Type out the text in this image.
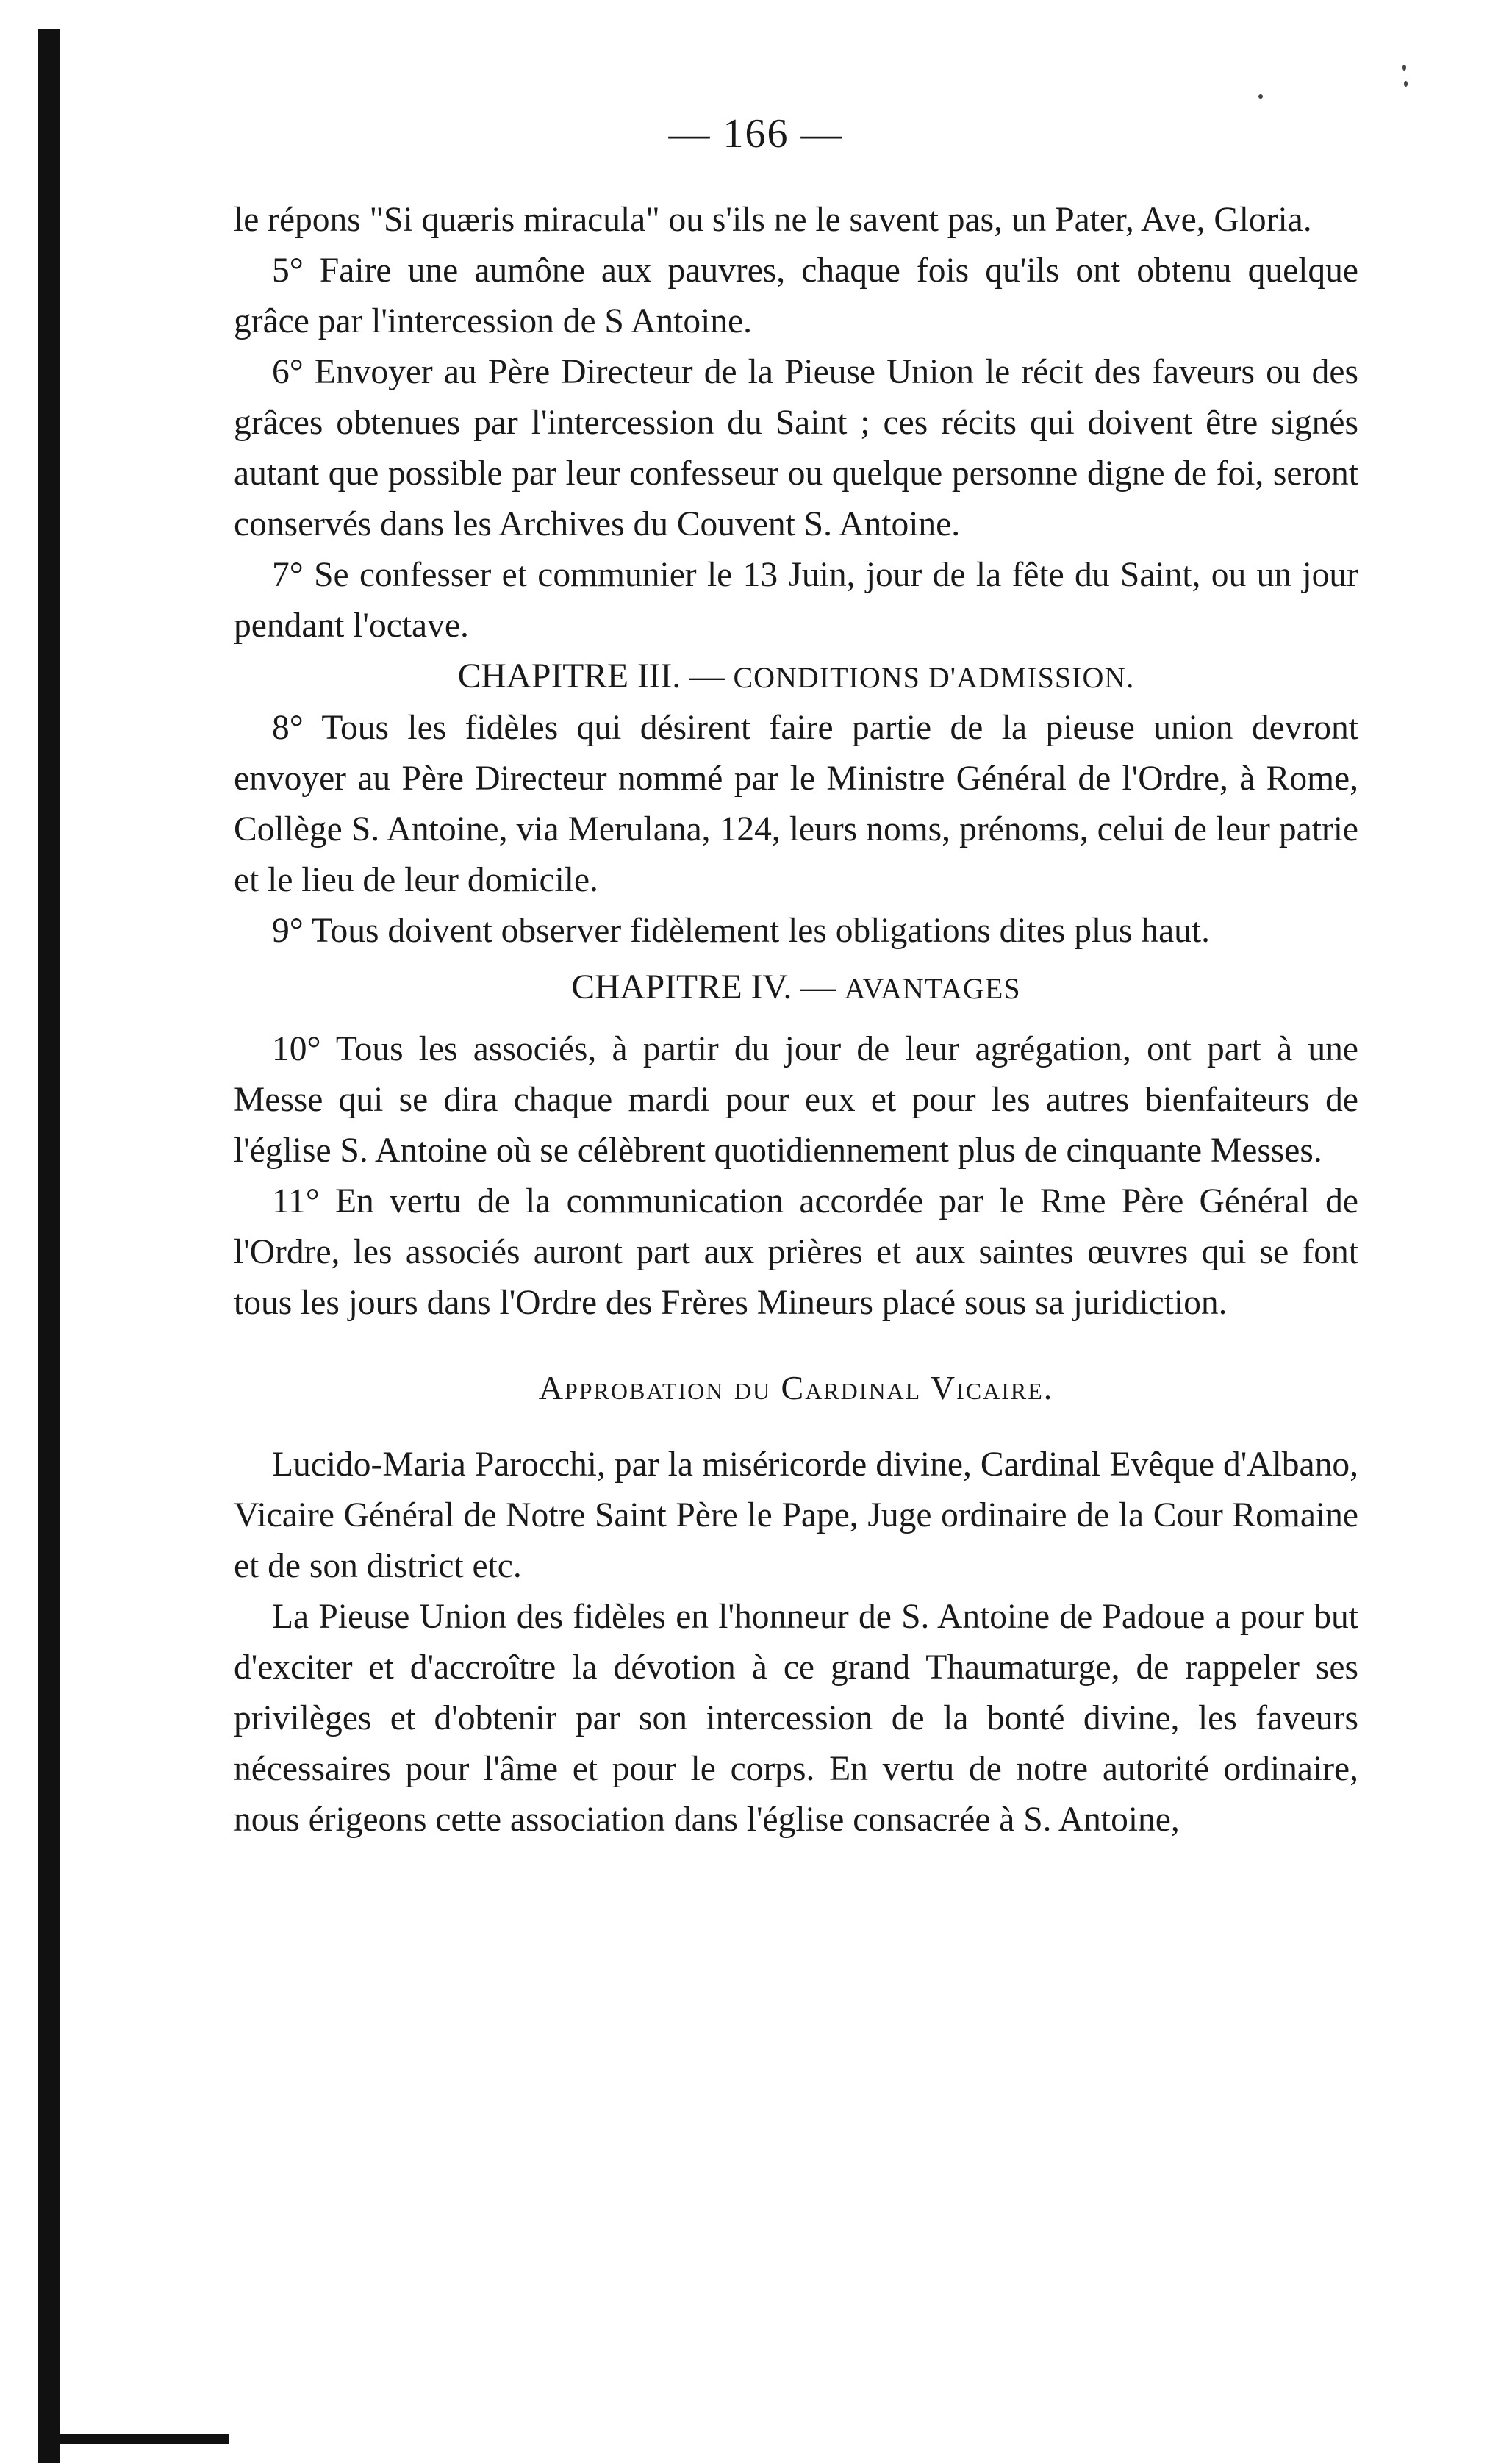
— 166 —

le répons "Si quæris miracula" ou s'ils ne le savent pas, un Pater, Ave, Gloria.

5° Faire une aumône aux pauvres, chaque fois qu'ils ont obtenu quelque grâce par l'intercession de S Antoine.

6° Envoyer au Père Directeur de la Pieuse Union le récit des faveurs ou des grâces obtenues par l'intercession du Saint ; ces récits qui doivent être signés autant que possible par leur confesseur ou quelque personne digne de foi, seront conservés dans les Archives du Couvent S. Antoine.

7° Se confesser et communier le 13 Juin, jour de la fête du Saint, ou un jour pendant l'octave.

CHAPITRE III. — CONDITIONS D'ADMISSION.

8° Tous les fidèles qui désirent faire partie de la pieuse union devront envoyer au Père Directeur nommé par le Ministre Général de l'Ordre, à Rome, Collège S. Antoine, via Merulana, 124, leurs noms, prénoms, celui de leur patrie et le lieu de leur domicile.

9° Tous doivent observer fidèlement les obligations dites plus haut.

CHAPITRE IV. — AVANTAGES

10° Tous les associés, à partir du jour de leur agrégation, ont part à une Messe qui se dira chaque mardi pour eux et pour les autres bienfaiteurs de l'église S. Antoine où se célèbrent quotidiennement plus de cinquante Messes.

11° En vertu de la communication accordée par le Rme Père Général de l'Ordre, les associés auront part aux prières et aux saintes œuvres qui se font tous les jours dans l'Ordre des Frères Mineurs placé sous sa juridiction.

Approbation du Cardinal Vicaire.

Lucido-Maria Parocchi, par la miséricorde divine, Cardinal Evêque d'Albano, Vicaire Général de Notre Saint Père le Pape, Juge ordinaire de la Cour Romaine et de son district etc.

La Pieuse Union des fidèles en l'honneur de S. Antoine de Padoue a pour but d'exciter et d'accroître la dévotion à ce grand Thaumaturge, de rappeler ses privilèges et d'obtenir par son intercession de la bonté divine, les faveurs nécessaires pour l'âme et pour le corps. En vertu de notre autorité ordinaire, nous érigeons cette association dans l'église consacrée à S. Antoine,
